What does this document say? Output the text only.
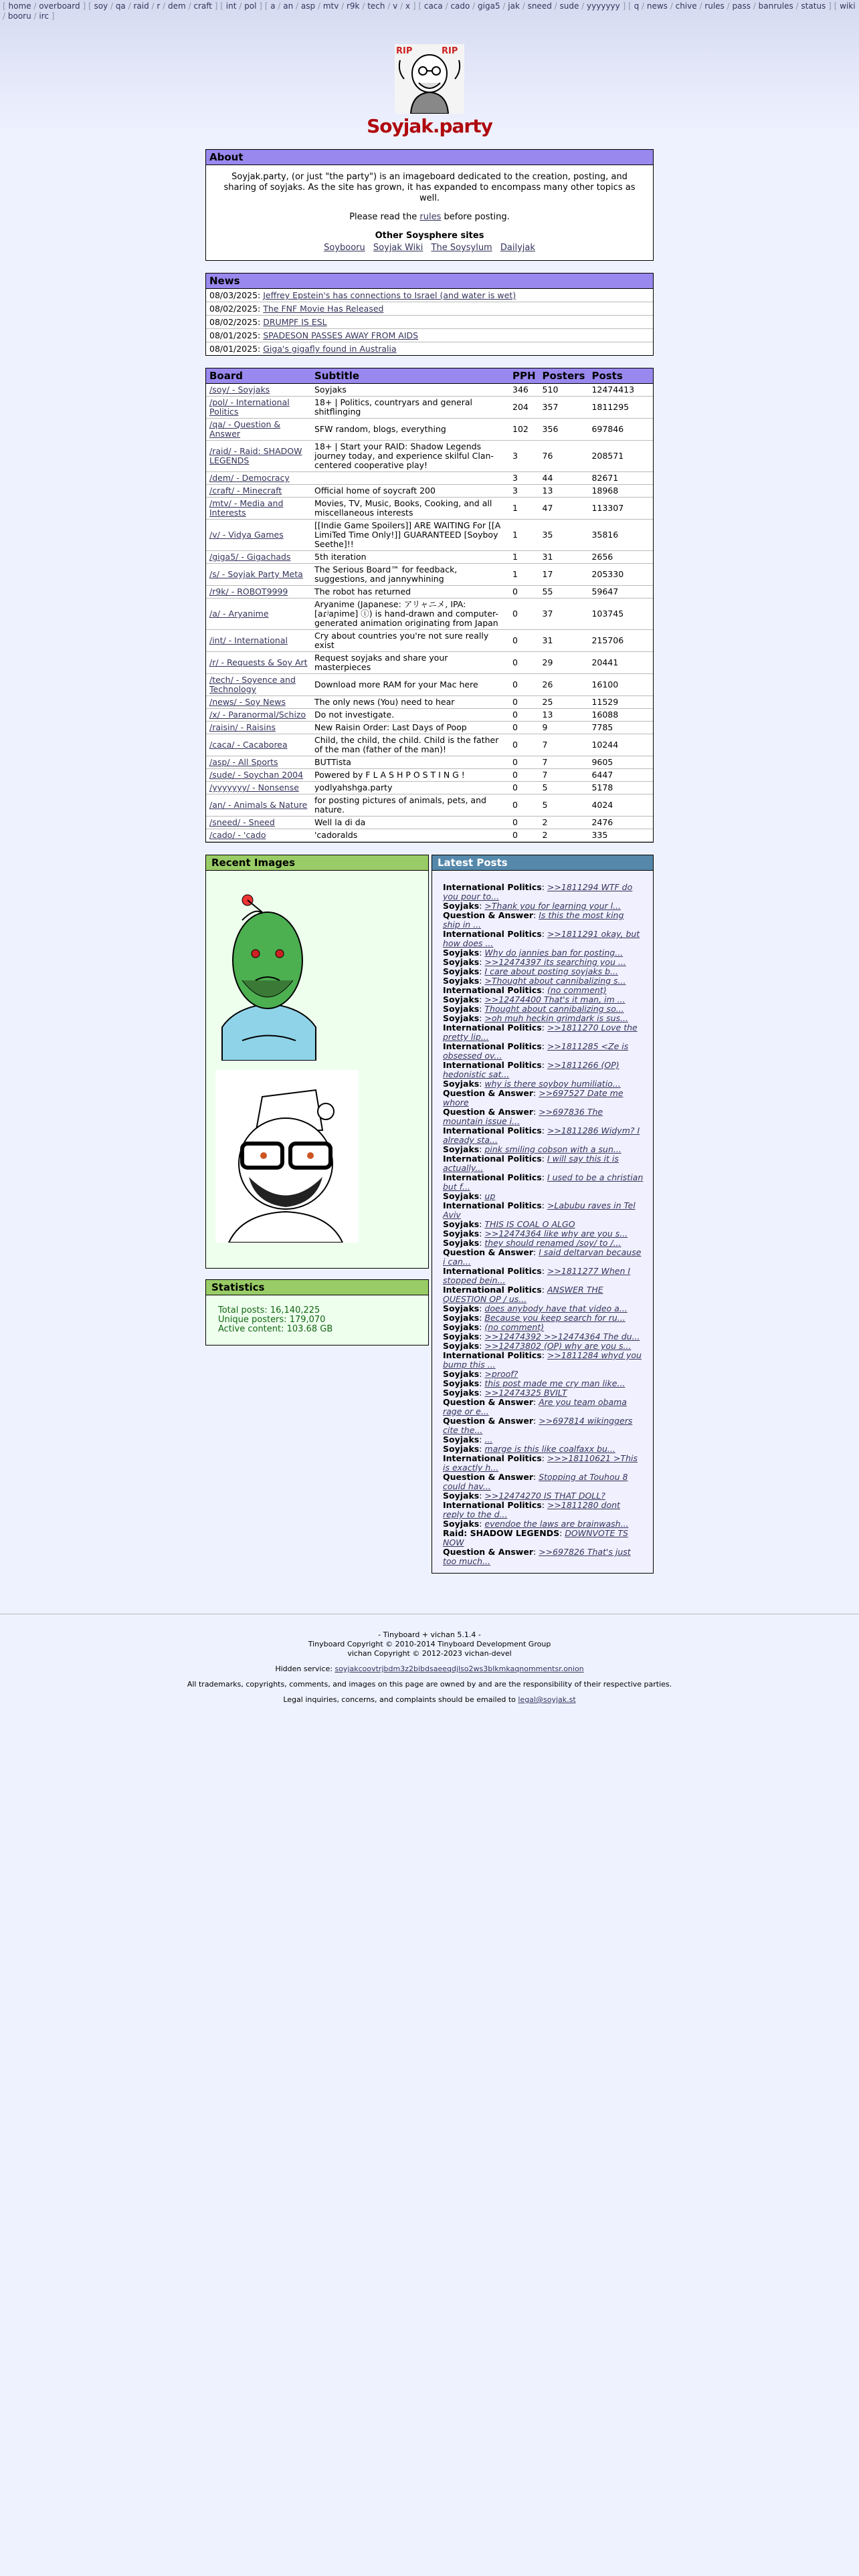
[ home / overboard ] [ soy / qa / raid / r / dem / craft ] [ int / pol ] [ a / an / asp / mtv / r9k / tech / v / x ] [ caca / cado / giga5 / jak / sneed / sude / yyyyyyy ] [ q / news / chive / rules / pass / banrules / status ] [ wiki / booru / irc ]
RIP	RIP
Soyjak.party
About

Soyjak.party, (or just "the party") is an imageboard dedicated to the creation, posting, and sharing of soyjaks. As the site has grown, it has expanded to encompass many other topics as well.

Please read the rules before posting.

Other Soysphere sites
Soybooru Soyjak Wiki The Soysylum Dailyjak
News
08/03/2025: Jeffrey Epstein's has connections to Israel (and water is wet)
08/02/2025: The FNF Movie Has Released
08/02/2025: DRUMPF IS ESL
08/01/2025: SPADESON PASSES AWAY FROM AIDS
08/01/2025: Giga's gigafly found in Australia
Board	Subtitle	PPH	Posters	Posts
/soy/ - Soyjaks	Soyjaks	346	510	12474413
/pol/ - International Politics	18+ | Politics, countryars and general shitflinging	204	357	1811295
/qa/ - Question & Answer	SFW random, blogs, everything	102	356	697846
/raid/ - Raid: SHADOW LEGENDS	18+ | Start your RAID: Shadow Legends journey today, and experience skilful Clan-centered cooperative play!	3	76	208571
/dem/ - Democracy		3	44	82671
/craft/ - Minecraft	Official home of soycraft 200	3	13	18968
/mtv/ - Media and Interests	Movies, TV, Music, Books, Cooking, and all miscellaneous interests	1	47	113307
/v/ - Vidya Games	[[Indie Game Spoilers]] ARE WAITING For [[A LimiTed Time Only!]] GUARANTEED [Soyboy Seethe]!!	1	35	35816
/giga5/ - Gigachads	5th iteration	1	31	2656
/s/ - Soyjak Party Meta	The Serious Board™ for feedback, suggestions, and jannywhining	1	17	205330
/r9k/ - ROBOT9999	The robot has returned	0	55	59647
/a/ - Aryanime	Aryanime (Japanese: アリャニメ, IPA: [aɾʲaɲime] ⓘ) is hand-drawn and computer-generated animation originating from Japan	0	37	103745
/int/ - International	Cry about countries you're not sure really exist	0	31	215706
/r/ - Requests & Soy Art	Request soyjaks and share your masterpieces	0	29	20441
/tech/ - Soyence and Technology	Download more RAM for your Mac here	0	26	16100
/news/ - Soy News	The only news (You) need to hear	0	25	11529
/x/ - Paranormal/Schizo	Do not investigate.	0	13	16088
/raisin/ - Raisins	New Raisin Order: Last Days of Poop	0	9	7785
/caca/ - Cacaborea	Child, the child, the child. Child is the father of the man (father of the man)!	0	7	10244
/asp/ - All Sports	BUTTista	0	7	9605
/sude/ - Soychan 2004	Powered by F L A S H P O S T I N G !	0	7	6447
/yyyyyyy/ - Nonsense	yodlyahshga.party	0	5	5178
/an/ - Animals & Nature	for posting pictures of animals, pets, and nature.	0	5	4024
/sneed/ - Sneed	Well la di da	0	2	2476
/cado/ - 'cado	'cadoralds	0	2	335
Recent Images
Statistics
Total posts: 16,140,225
Unique posters: 179,070
Active content: 103.68 GB
Latest Posts
International Politics: >>1811294 WTF do you pour to...
Soyjaks: >Thank you for learning your l...
Question & Answer: Is this the most king ship in ...
International Politics: >>1811291 okay, but how does ...
Soyjaks: Why do jannies ban for posting...
Soyjaks: >>12474397 its searching you ...
Soyjaks: I care about posting soyjaks b...
Soyjaks: >Thought about cannibalizing s...
International Politics: (no comment)
Soyjaks: >>12474400 That's it man, im ...
Soyjaks: Thought about cannibalizing so...
Soyjaks: >oh muh heckin grimdark is sus...
International Politics: >>1811270 Love the pretty lip...
International Politics: >>1811285 <Ze is obsessed ov...
International Politics: >>1811266 (OP) hedonistic sat...
Soyjaks: why is there soyboy humiliatio...
Question & Answer: >>697527 Date me whore
Question & Answer: >>697836 The mountain issue i...
International Politics: >>1811286 Widym? I already sta...
Soyjaks: pink smiling cobson with a sun...
International Politics: I will say this it is actually...
International Politics: I used to be a christian but f...
Soyjaks: up
International Politics: >Labubu raves in Tel Aviv
Soyjaks: THIS IS COAL O ALGO
Soyjaks: >>12474364 like why are you s...
Soyjaks: they should renamed /soy/ to /...
Question & Answer: I said deltarvan because i can...
International Politics: >>1811277 When I stopped bein...
International Politics: ANSWER THE QUESTION OP / us...
Soyjaks: does anybody have that video a...
Soyjaks: Because you keep search for ru...
Soyjaks: (no comment)
Soyjaks: >>12474392 >>12474364 The du...
Soyjaks: >>12473802 (OP) why are you s...
International Politics: >>1811284 whyd you bump this ...
Soyjaks: >proof?
Soyjaks: this post made me cry man like...
Soyjaks: >>12474325 BVILT
Question & Answer: Are you team obama rage or e...
Question & Answer: >>697814 wikinggers cite the...
Soyjaks: ...
Soyjaks: marge is this like coalfaxx bu...
International Politics: >>>18110621 >This is exactly h...
Question & Answer: Stopping at Touhou 8 could hav...
Soyjaks: >>12474270 IS THAT DOLL?
International Politics: >>1811280 dont reply to the d...
Soyjaks: evendoe the laws are brainwash...
Raid: SHADOW LEGENDS: DOWNVOTE TS NOW
Question & Answer: >>697826 That's just too much...

- Tinyboard + vichan 5.1.4 -
Tinyboard Copyright © 2010-2014 Tinyboard Development Group
vichan Copyright © 2012-2023 vichan-devel

Hidden service: soyjakcoovtrjbdm3z2bibdsaeeqdjlso2ws3blkmkaqnommentsr.onion

All trademarks, copyrights, comments, and images on this page are owned by and are the responsibility of their respective parties.

Legal inquiries, concerns, and complaints should be emailed to legal@soyjak.st
